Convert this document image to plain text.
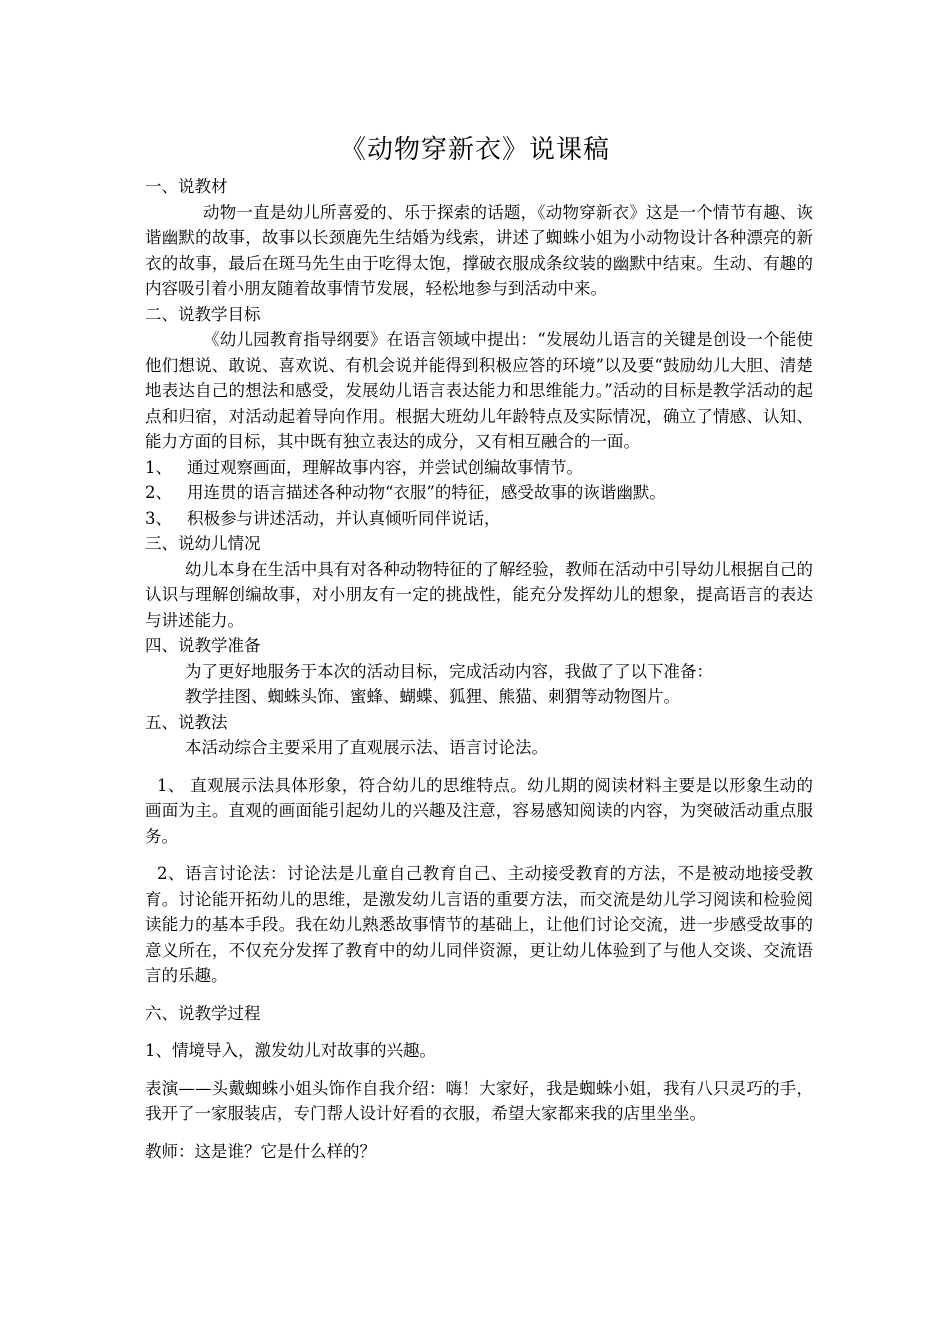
《动物穿新衣》说课稿

一、说教材

动物一直是幼儿所喜爱的、乐于探索的话题，《动物穿新衣》这是一个情节有趣、诙谐幽默的故事，故事以长颈鹿先生结婚为线索，讲述了蜘蛛小姐为小动物设计各种漂亮的新衣的故事，最后在斑马先生由于吃得太饱，撑破衣服成条纹装的幽默中结束。生动、有趣的内容吸引着小朋友随着故事情节发展，轻松地参与到活动中来。

二、说教学目标

《幼儿园教育指导纲要》在语言领域中提出：“发展幼儿语言的关键是创设一个能使他们想说、敢说、喜欢说、有机会说并能得到积极应答的环境”以及要“鼓励幼儿大胆、清楚地表达自己的想法和感受，发展幼儿语言表达能力和思维能力。”活动的目标是教学活动的起点和归宿，对活动起着导向作用。根据大班幼儿年龄特点及实际情况，确立了情感、认知、能力方面的目标，其中既有独立表达的成分，又有相互融合的一面。

1、 通过观察画面，理解故事内容，并尝试创编故事情节。

2、 用连贯的语言描述各种动物“衣服”的特征，感受故事的诙谐幽默。

3、 积极参与讲述活动，并认真倾听同伴说话，

三、说幼儿情况

幼儿本身在生活中具有对各种动物特征的了解经验，教师在活动中引导幼儿根据自己的认识与理解创编故事，对小朋友有一定的挑战性，能充分发挥幼儿的想象，提高语言的表达与讲述能力。

四、说教学准备

为了更好地服务于本次的活动目标，完成活动内容，我做了了以下准备：

教学挂图、蜘蛛头饰、蜜蜂、蝴蝶、狐狸、熊猫、刺猬等动物图片。

五、说教法

本活动综合主要采用了直观展示法、语言讨论法。

1、 直观展示法具体形象，符合幼儿的思维特点。幼儿期的阅读材料主要是以形象生动的画面为主。直观的画面能引起幼儿的兴趣及注意，容易感知阅读的内容，为突破活动重点服务。

2、语言讨论法：讨论法是儿童自己教育自己、主动接受教育的方法，不是被动地接受教育。讨论能开拓幼儿的思维，是激发幼儿言语的重要方法，而交流是幼儿学习阅读和检验阅读能力的基本手段。我在幼儿熟悉故事情节的基础上，让他们讨论交流，进一步感受故事的意义所在，不仅充分发挥了教育中的幼儿同伴资源，更让幼儿体验到了与他人交谈、交流语言的乐趣。

六、说教学过程

1、情境导入，激发幼儿对故事的兴趣。

表演——头戴蜘蛛小姐头饰作自我介绍：嗨！大家好，我是蜘蛛小姐，我有八只灵巧的手，我开了一家服装店，专门帮人设计好看的衣服，希望大家都来我的店里坐坐。

教师：这是谁？它是什么样的？
